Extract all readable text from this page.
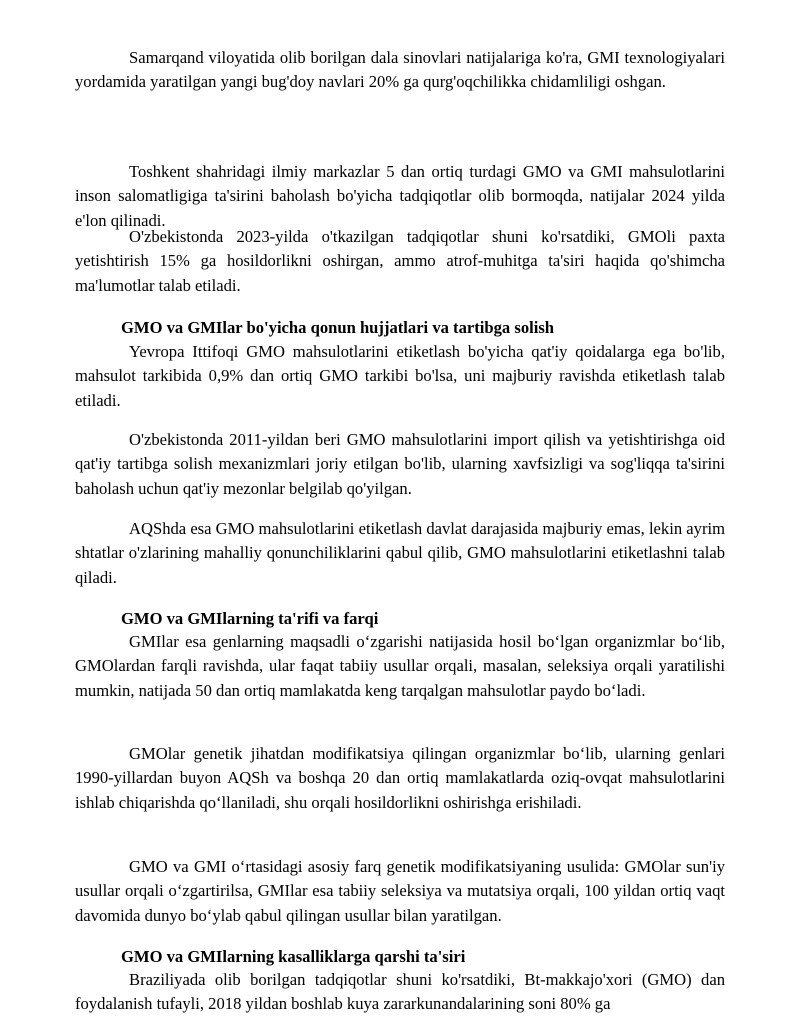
Samarqand viloyatida olib borilgan dala sinovlari natijalariga ko'ra, GMI texnologiyalari yordamida yaratilgan yangi bug'doy navlari 20% ga qurg'oqchilikka chidamliligi oshgan.

Toshkent shahridagi ilmiy markazlar 5 dan ortiq turdagi GMO va GMI mahsulotlarini inson salomatligiga ta'sirini baholash bo'yicha tadqiqotlar olib bormoqda, natijalar 2024 yilda e'lon qilinadi.

O'zbekistonda 2023-yilda o'tkazilgan tadqiqotlar shuni ko'rsatdiki, GMOli paxta yetishtirish 15% ga hosildorlikni oshirgan, ammo atrof-muhitga ta'siri haqida qo'shimcha ma'lumotlar talab etiladi.

GMO va GMIlar bo'yicha qonun hujjatlari va tartibga solish

Yevropa Ittifoqi GMO mahsulotlarini etiketlash bo'yicha qat'iy qoidalarga ega bo'lib, mahsulot tarkibida 0,9% dan ortiq GMO tarkibi bo'lsa, uni majburiy ravishda etiketlash talab etiladi.

O'zbekistonda 2011-yildan beri GMO mahsulotlarini import qilish va yetishtirishga oid qat'iy tartibga solish mexanizmlari joriy etilgan bo'lib, ularning xavfsizligi va sog'liqqa ta'sirini baholash uchun qat'iy mezonlar belgilab qo'yilgan.

AQShda esa GMO mahsulotlarini etiketlash davlat darajasida majburiy emas, lekin ayrim shtatlar o'zlarining mahalliy qonunchiliklarini qabul qilib, GMO mahsulotlarini etiketlashni talab qiladi.

GMO va GMIlarning ta'rifi va farqi

GMIlar esa genlarning maqsadli o‘zgarishi natijasida hosil bo‘lgan organizmlar bo‘lib, GMOlardan farqli ravishda, ular faqat tabiiy usullar orqali, masalan, seleksiya orqali yaratilishi mumkin, natijada 50 dan ortiq mamlakatda keng tarqalgan mahsulotlar paydo bo‘ladi.

GMOlar genetik jihatdan modifikatsiya qilingan organizmlar bo‘lib, ularning genlari 1990-yillardan buyon AQSh va boshqa 20 dan ortiq mamlakatlarda oziq-ovqat mahsulotlarini ishlab chiqarishda qo‘llaniladi, shu orqali hosildorlikni oshirishga erishiladi.

GMO va GMI o‘rtasidagi asosiy farq genetik modifikatsiyaning usulida: GMOlar sun'iy usullar orqali o‘zgartirilsa, GMIlar esa tabiiy seleksiya va mutatsiya orqali, 100 yildan ortiq vaqt davomida dunyo bo‘ylab qabul qilingan usullar bilan yaratilgan.

GMO va GMIlarning kasalliklarga qarshi ta'siri

Braziliyada olib borilgan tadqiqotlar shuni ko'rsatdiki, Bt-makkajo'xori (GMO) dan foydalanish tufayli, 2018 yildan boshlab kuya zararkunandalarining soni 80% ga
